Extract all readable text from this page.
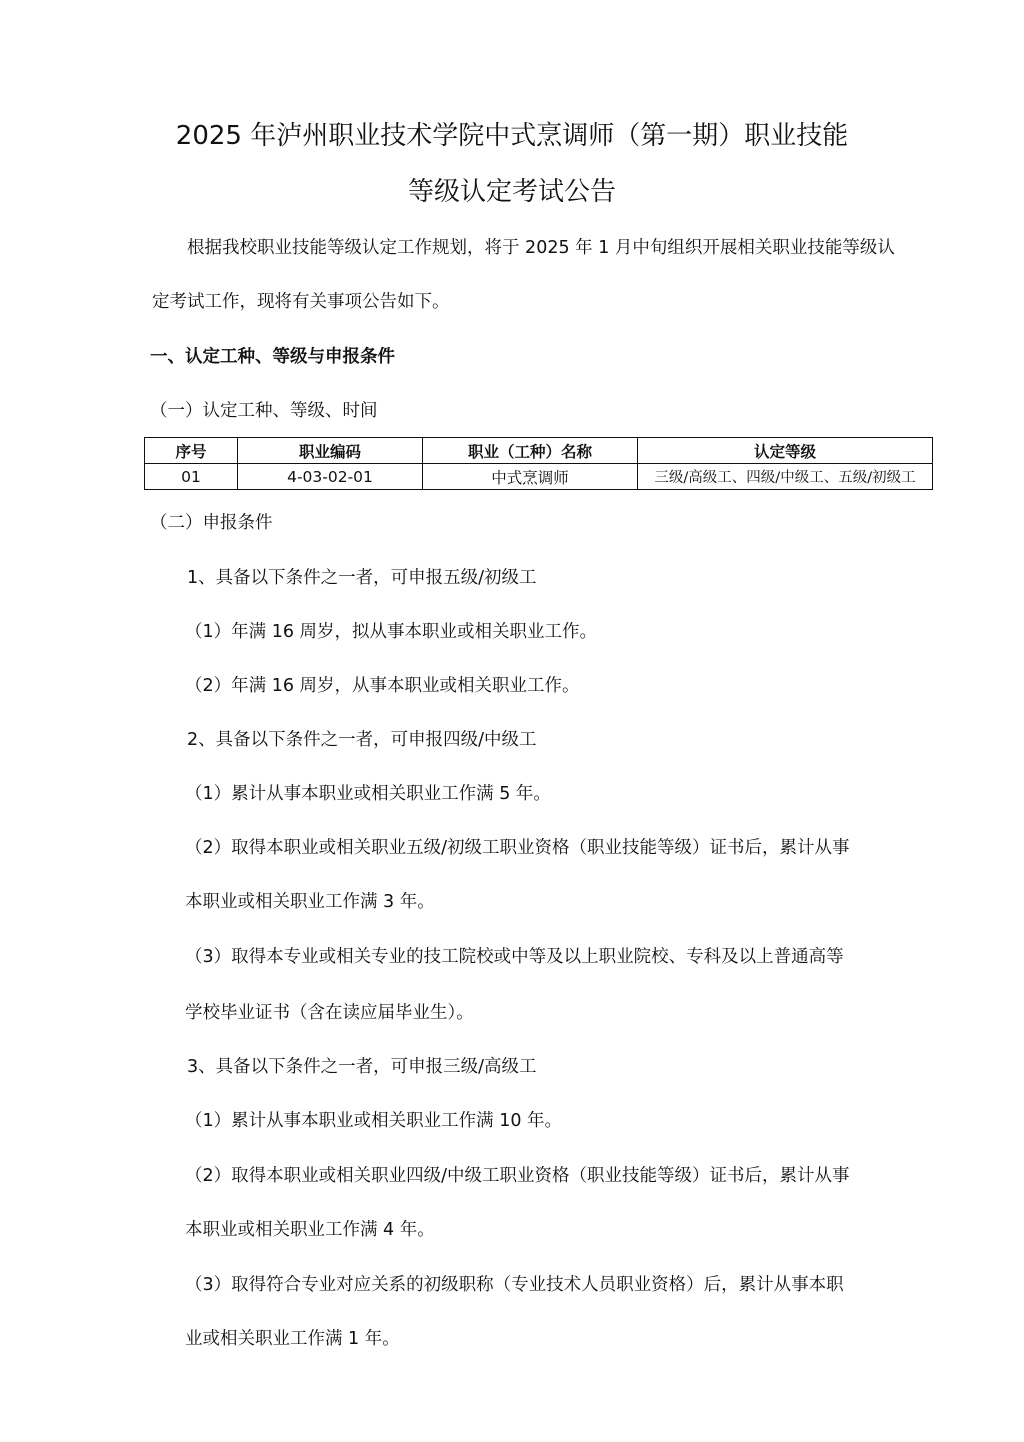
2025 年泸州职业技术学院中式烹调师（第一期）职业技能
等级认定考试公告
根据我校职业技能等级认定工作规划，将于 2025 年 1 月中旬组织开展相关职业技能等级认
定考试工作，现将有关事项公告如下。
一、认定工种、等级与申报条件
（一）认定工种、等级、时间
序号	职业编码	职业（工种）名称	认定等级
01	4-03-02-01	中式烹调师	三级/高级工、四级/中级工、五级/初级工
（二）申报条件
1、具备以下条件之一者，可申报五级/初级工
（1）年满 16 周岁，拟从事本职业或相关职业工作。
（2）年满 16 周岁，从事本职业或相关职业工作。
2、具备以下条件之一者，可申报四级/中级工
（1）累计从事本职业或相关职业工作满 5 年。
（2）取得本职业或相关职业五级/初级工职业资格（职业技能等级）证书后，累计从事
本职业或相关职业工作满 3 年。
（3）取得本专业或相关专业的技工院校或中等及以上职业院校、专科及以上普通高等
学校毕业证书（含在读应届毕业生）。
3、具备以下条件之一者，可申报三级/高级工
（1）累计从事本职业或相关职业工作满 10 年。
（2）取得本职业或相关职业四级/中级工职业资格（职业技能等级）证书后，累计从事
本职业或相关职业工作满 4 年。
（3）取得符合专业对应关系的初级职称（专业技术人员职业资格）后，累计从事本职
业或相关职业工作满 1 年。
